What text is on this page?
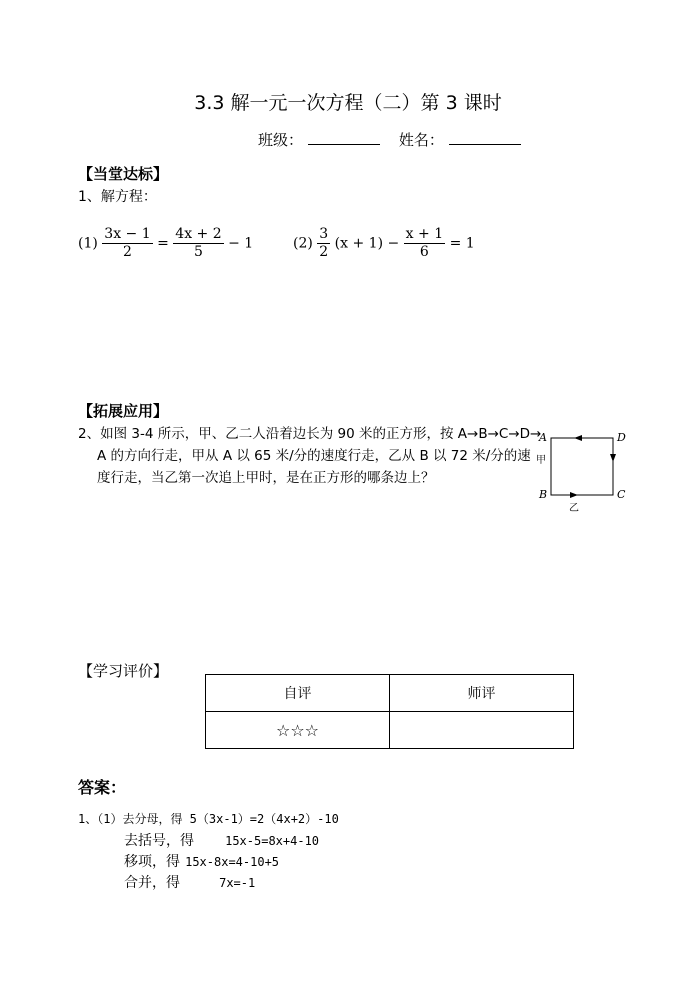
3.3 解一元一次方程（二）第 3 课时
班级：	姓名：
【当堂达标】
1、解方程：
$(1) \frac{3x - 1}{2} = \frac{4x + 2}{5} - 1$	$(2) \frac{3}{2} (x + 1) - \frac{x + 1}{6} = 1$
【拓展应用】
2、如图 3-4 所示，甲、乙二人沿着边长为 90 米的正方形，按 A→B→C→D→
A 的方向行走，甲从 A 以 65 米/分的速度行走，乙从 B 以 72 米/分的速
度行走，当乙第一次追上甲时，是在正方形的哪条边上？
A	D
B	C
甲
乙
【学习评价】
自评	师评
☆☆☆	
答案：
1、（1）去分母，得 5（3x-1）=2（4x+2）-10
去括号，得	15x-5=8x+4-10
移项，得 15x-8x=4-10+5
合并，得	7x=-1
